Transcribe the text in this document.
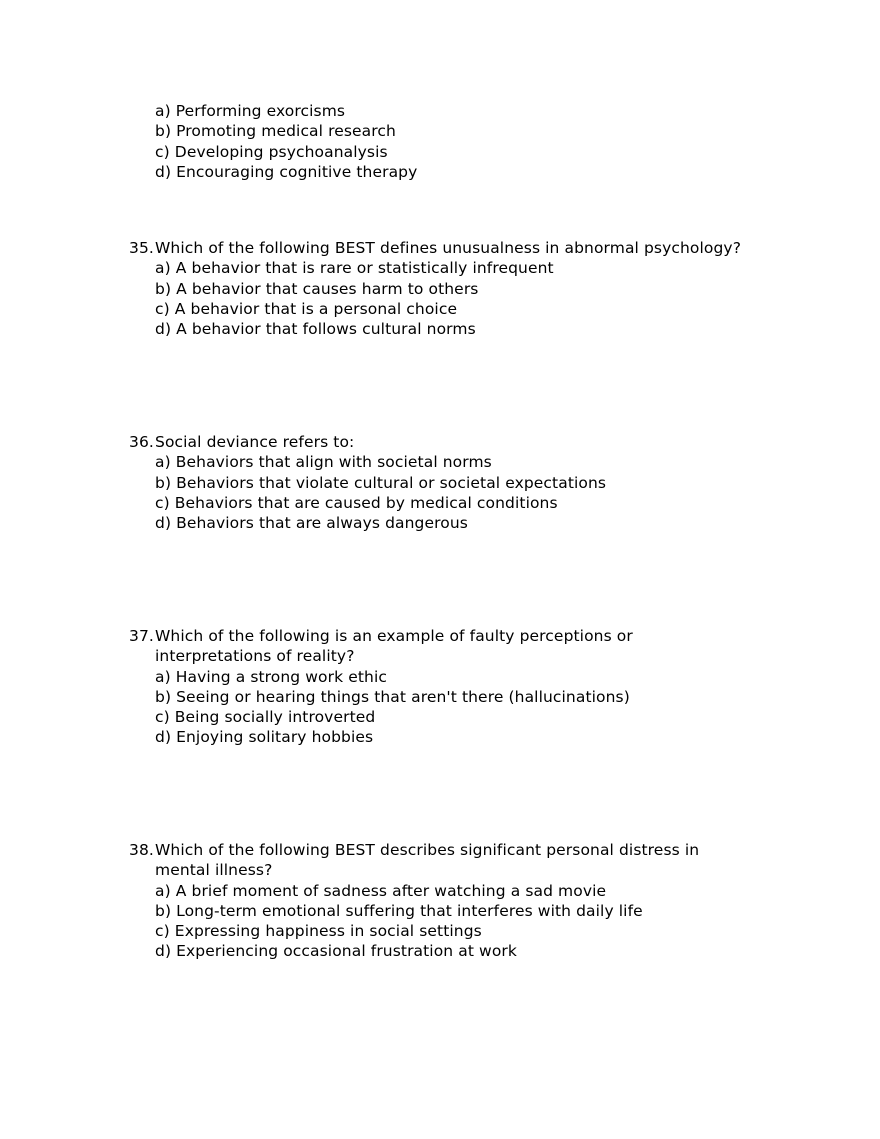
a) Performing exorcisms
b) Promoting medical research
c) Developing psychoanalysis
d) Encouraging cognitive therapy
35. Which of the following BEST defines unusualness in abnormal psychology?
a) A behavior that is rare or statistically infrequent
b) A behavior that causes harm to others
c) A behavior that is a personal choice
d) A behavior that follows cultural norms
36. Social deviance refers to:
a) Behaviors that align with societal norms
b) Behaviors that violate cultural or societal expectations
c) Behaviors that are caused by medical conditions
d) Behaviors that are always dangerous
37. Which of the following is an example of faulty perceptions or
interpretations of reality?
a) Having a strong work ethic
b) Seeing or hearing things that aren't there (hallucinations)
c) Being socially introverted
d) Enjoying solitary hobbies
38. Which of the following BEST describes significant personal distress in
mental illness?
a) A brief moment of sadness after watching a sad movie
b) Long-term emotional suffering that interferes with daily life
c) Expressing happiness in social settings
d) Experiencing occasional frustration at work
